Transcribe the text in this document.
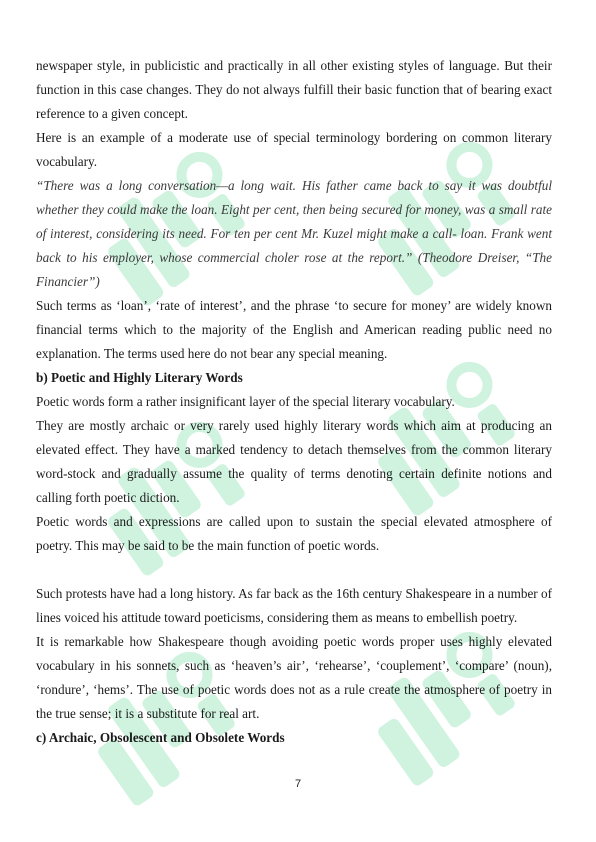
newspaper style, in publicistic and practically in all other existing styles of language. But their function in this case changes. They do not always fulfill their basic function that of bearing exact reference to a given concept.

Here is an example of a moderate use of special terminology bordering on common literary vocabulary.

“There was a long conversation—a long wait. His father came back to say it was doubtful whether they could make the loan. Eight per cent, then being secured for money, was a small rate of interest, considering its need. For ten per cent Mr. Kuzel might make a call- loan. Frank went back to his employer, whose commercial choler rose at the report.” (Theodore Dreiser, “The Financier”)

Such terms as ‘loan’, ‘rate of interest’, and the phrase ‘to secure for money’ are widely known financial terms which to the majority of the English and American reading public need no explanation. The terms used here do not bear any special meaning.

b) Poetic and Highly Literary Words

Poetic words form a rather insignificant layer of the special literary vocabulary.

They are mostly archaic or very rarely used highly literary words which aim at producing an elevated effect. They have a marked tendency to detach themselves from the common literary word-stock and gradually assume the quality of terms denoting certain definite notions and calling forth poetic diction.

Poetic words and expressions are called upon to sustain the special elevated atmosphere of poetry. This may be said to be the main function of poetic words.

Such protests have had a long history. As far back as the 16th century Shakespeare in a number of lines voiced his attitude toward poeticisms, considering them as means to embellish poetry.

It is remarkable how Shakespeare though avoiding poetic words proper uses highly elevated vocabulary in his sonnets, such as ‘heaven’s air’, ‘rehearse’, ‘couplement’, ‘compare’ (noun), ‘rondure’, ‘hems’. The use of poetic words does not as a rule create the atmosphere of poetry in the true sense; it is a substitute for real art.

c) Archaic, Obsolescent and Obsolete Words

7
